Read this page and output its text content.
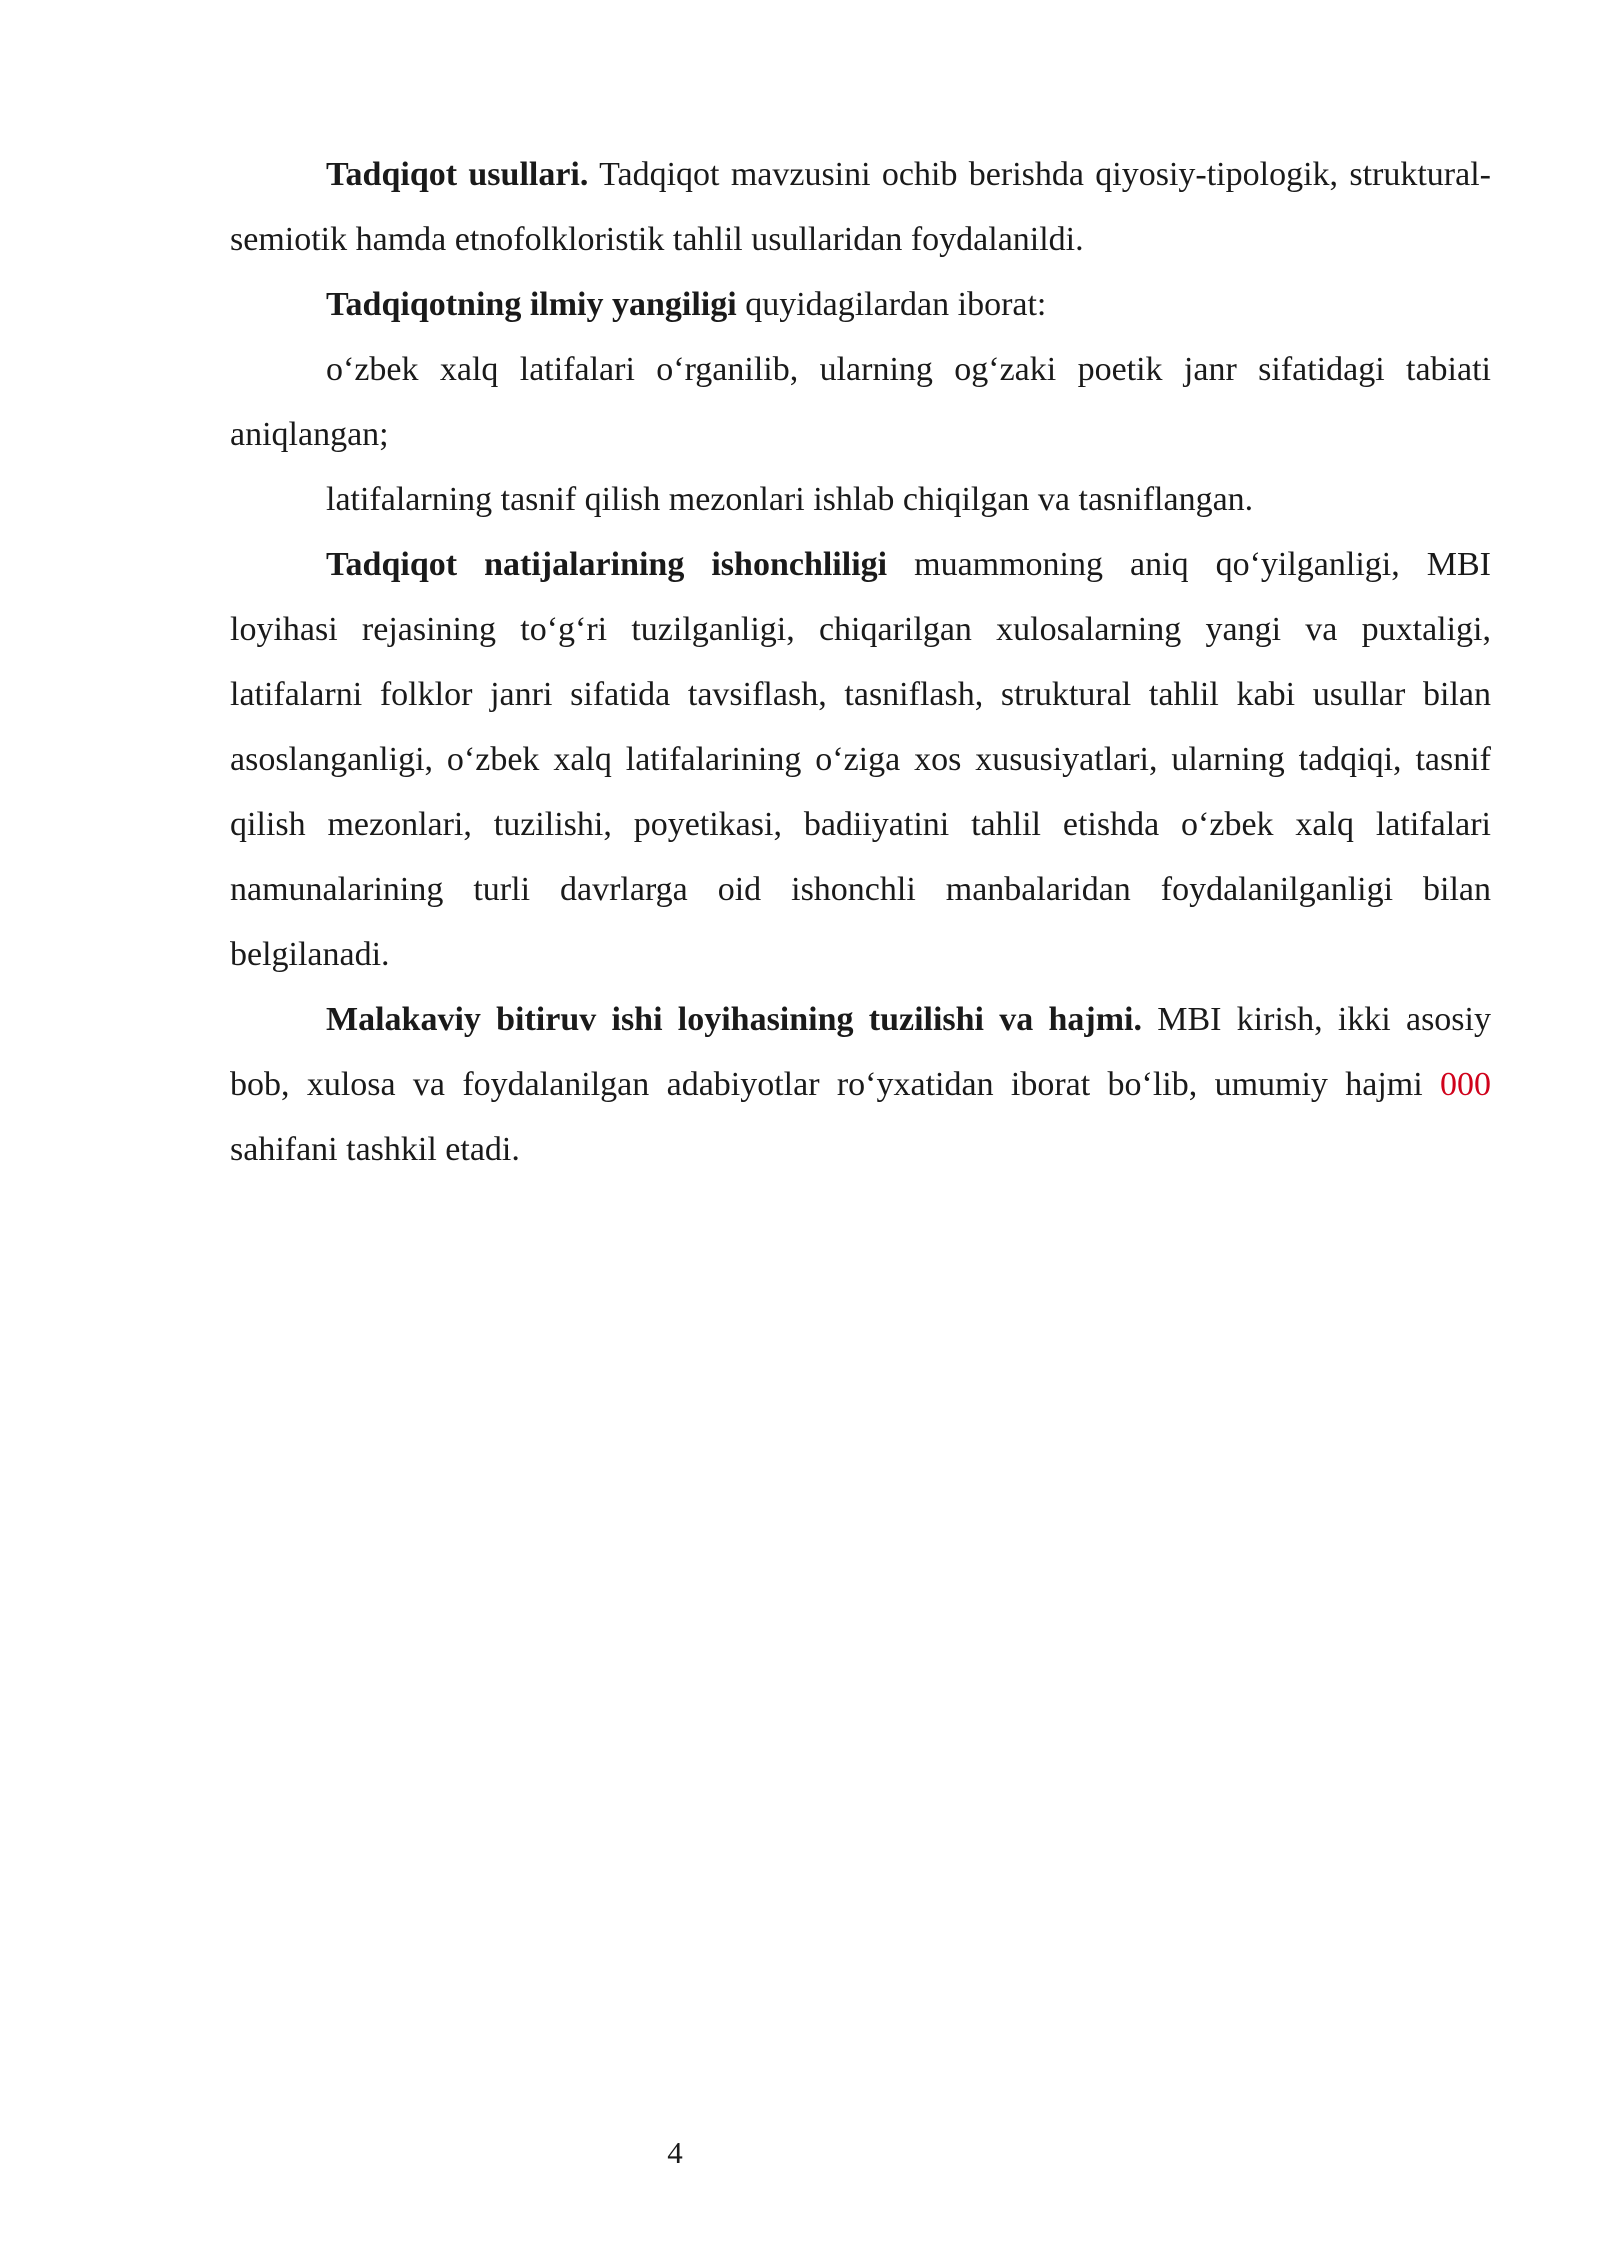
Tadqiqot usullari. Tadqiqot mavzusini ochib berishda qiyosiy-tipologik, struktural-semiotik hamda etnofolkloristik tahlil usullaridan foydalanildi.

Tadqiqotning ilmiy yangiligi quyidagilardan iborat:

o‘zbek xalq latifalari o‘rganilib, ularning og‘zaki poetik janr sifatidagi tabiati aniqlangan;

latifalarning tasnif qilish mezonlari ishlab chiqilgan va tasniflangan.

Tadqiqot natijalarining ishonchliligi muammoning aniq qo‘yilganligi, MBI loyihasi rejasining to‘g‘ri tuzilganligi, chiqarilgan xulosalarning yangi va puxtaligi, latifalarni folklor janri sifatida tavsiflash, tasniflash, struktural tahlil kabi usullar bilan asoslanganligi, o‘zbek xalq latifalarining o‘ziga xos xususiyatlari, ularning tadqiqi, tasnif qilish mezonlari, tuzilishi, poyetikasi, badiiyatini tahlil etishda o‘zbek xalq latifalari namunalarining turli davrlarga oid ishonchli manbalaridan foydalanilganligi bilan belgilanadi.

Malakaviy bitiruv ishi loyihasining tuzilishi va hajmi. MBI kirish, ikki asosiy bob, xulosa va foydalanilgan adabiyotlar ro‘yxatidan iborat bo‘lib, umumiy hajmi 000 sahifani tashkil etadi.

4
